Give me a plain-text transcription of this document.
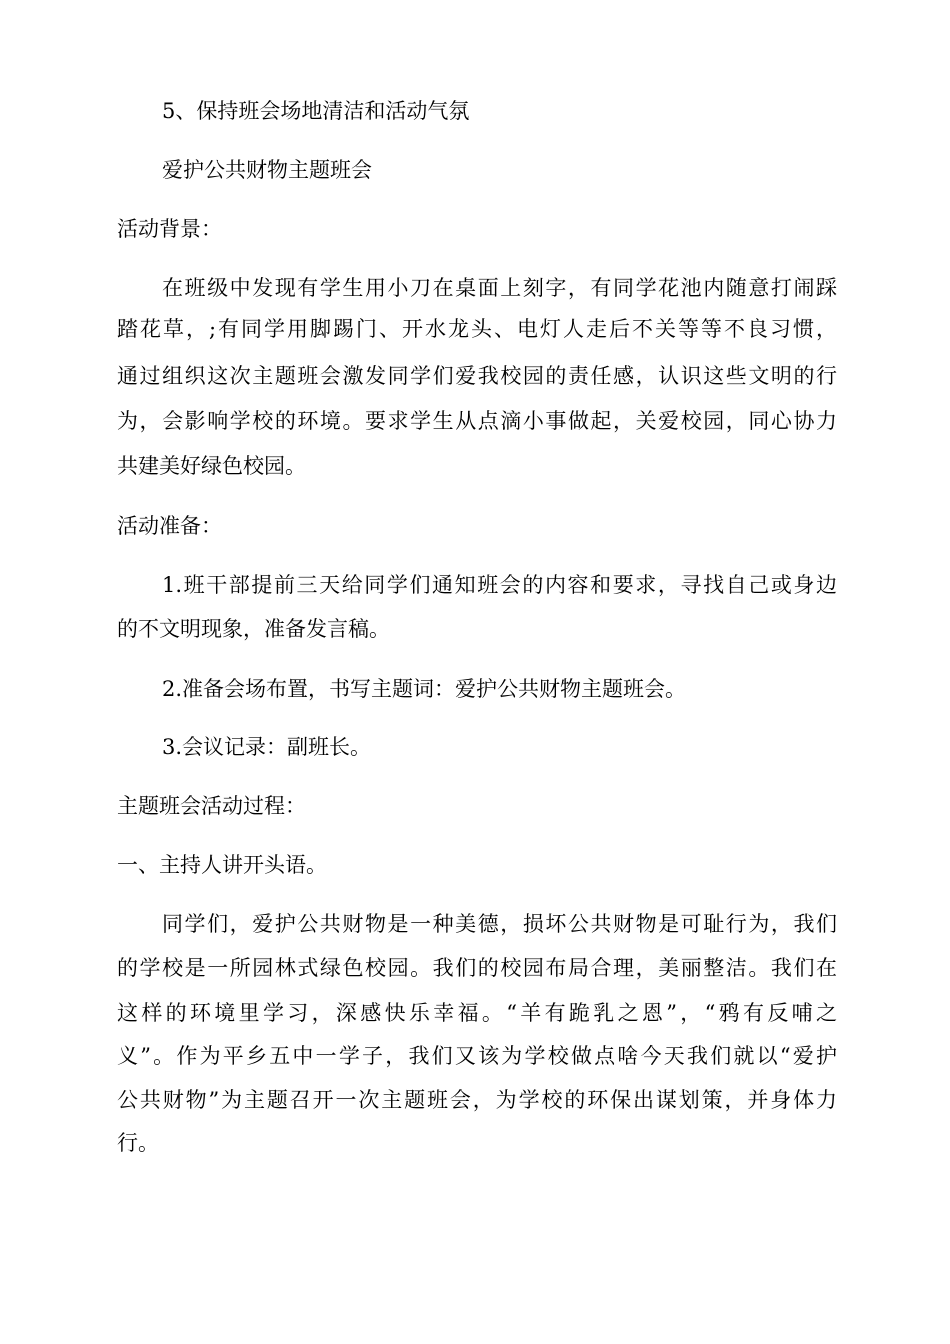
5、保持班会场地清洁和活动气氛
爱护公共财物主题班会
活动背景：
在班级中发现有学生用小刀在桌面上刻字，有同学花池内随意打闹踩
踏花草，;有同学用脚踢门、开水龙头、电灯人走后不关等等不良习惯，
通过组织这次主题班会激发同学们爱我校园的责任感，认识这些文明的行
为，会影响学校的环境。要求学生从点滴小事做起，关爱校园，同心协力
共建美好绿色校园。
活动准备：
1.班干部提前三天给同学们通知班会的内容和要求，寻找自己或身边
的不文明现象，准备发言稿。
2.准备会场布置，书写主题词：爱护公共财物主题班会。
3.会议记录：副班长。
主题班会活动过程：
一、主持人讲开头语。
同学们，爱护公共财物是一种美德，损坏公共财物是可耻行为，我们
的学校是一所园林式绿色校园。我们的校园布局合理，美丽整洁。我们在
这样的环境里学习，深感快乐幸福。“羊有跪乳之恩”，“鸦有反哺之
义”。作为平乡五中一学子，我们又该为学校做点啥今天我们就以“爱护
公共财物”为主题召开一次主题班会，为学校的环保出谋划策，并身体力
行。
